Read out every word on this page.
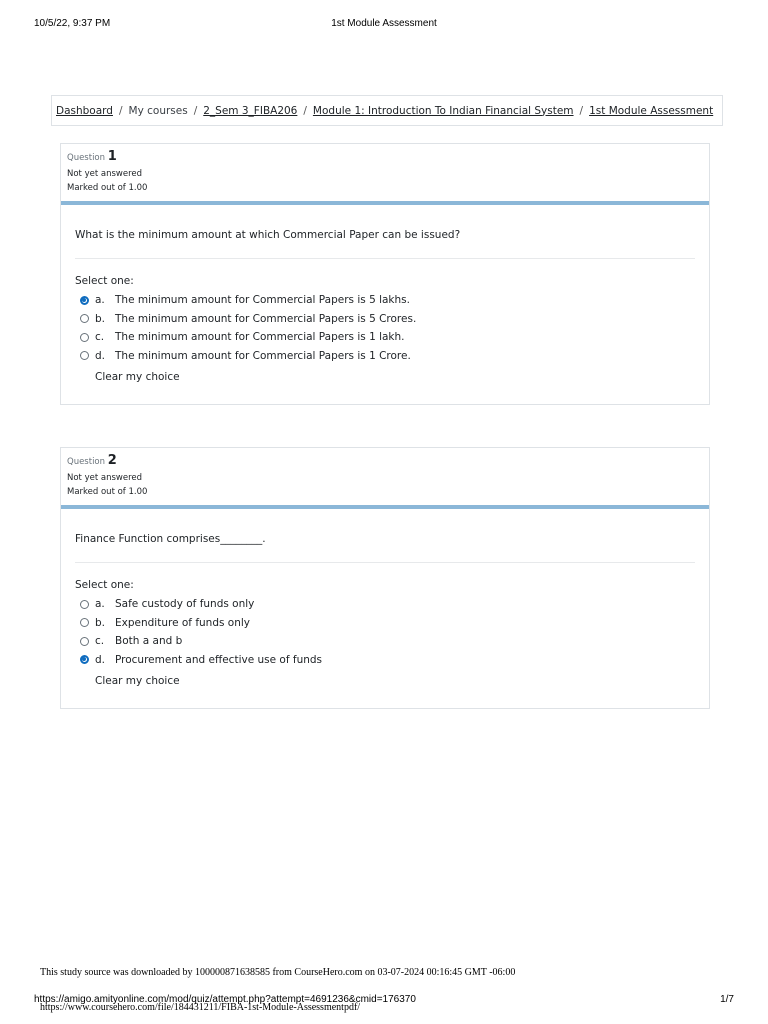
10/5/22, 9:37 PM	1st Module Assessment
Dashboard / My courses / 2_Sem 3_FIBA206 / Module 1: Introduction To Indian Financial System / 1st Module Assessment
Question 1
Not yet answered
Marked out of 1.00
What is the minimum amount at which Commercial Paper can be issued?
Select one:
a. The minimum amount for Commercial Papers is 5 lakhs.
b. The minimum amount for Commercial Papers is 5 Crores.
c.	The minimum amount for Commercial Papers is 1 lakh.
d. The minimum amount for Commercial Papers is 1 Crore.
Clear my choice
Question 2
Not yet answered
Marked out of 1.00
Finance Function comprises________.
Select one:
a. Safe custody of funds only
b. Expenditure of funds only
c.	Both a and b
d. Procurement and effective use of funds
Clear my choice
This study source was downloaded by 100000871638585 from CourseHero.com on 03-07-2024 00:16:45 GMT -06:00
https://amigo.amityonline.com/mod/quiz/attempt.php?attempt=4691236&cmid=176370	1/7
https://www.coursehero.com/file/184431211/FIBA-1st-Module-Assessmentpdf/
